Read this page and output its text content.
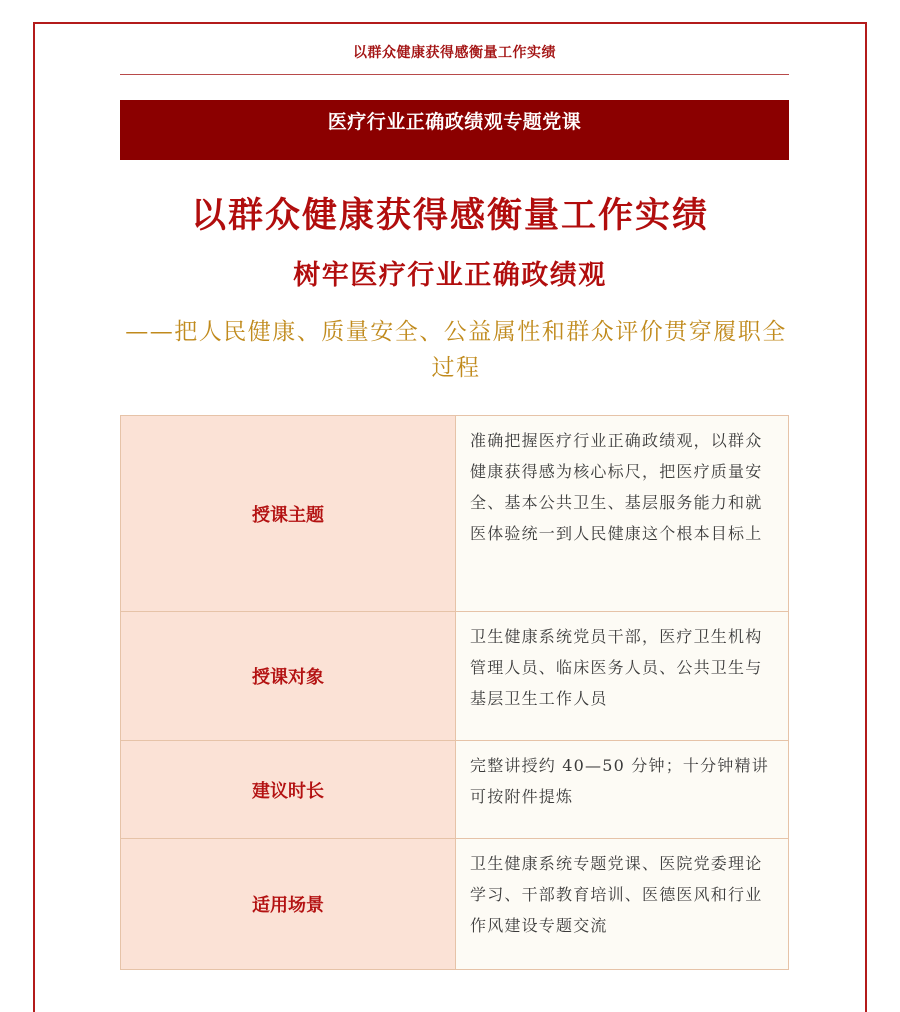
以群众健康获得感衡量工作实绩
医疗行业正确政绩观专题党课
以群众健康获得感衡量工作实绩
树牢医疗行业正确政绩观
——把人民健康、质量安全、公益属性和群众评价贯穿履职全过程
授课主题	准确把握医疗行业正确政绩观，以群众健康获得感为核心标尺，把医疗质量安全、基本公共卫生、基层服务能力和就医体验统一到人民健康这个根本目标上
授课对象	卫生健康系统党员干部，医疗卫生机构管理人员、临床医务人员、公共卫生与基层卫生工作人员
建议时长	完整讲授约 40—50 分钟；十分钟精讲可按附件提炼
适用场景	卫生健康系统专题党课、医院党委理论学习、干部教育培训、医德医风和行业作风建设专题交流
